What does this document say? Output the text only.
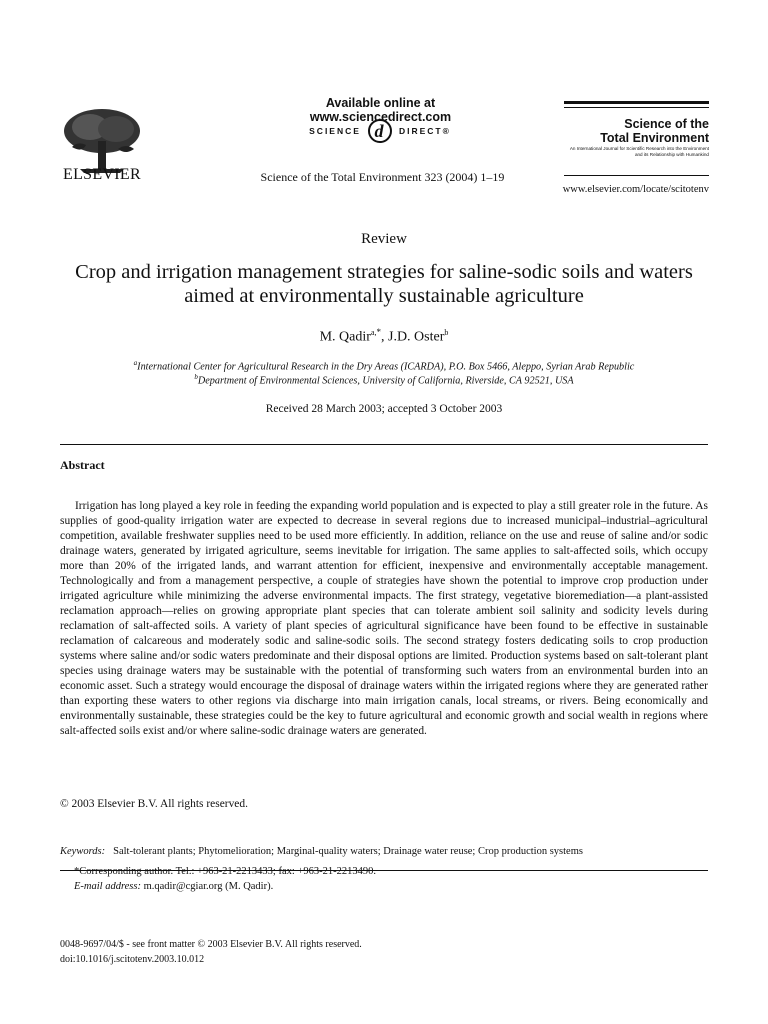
ELSEVIER
Available online at www.sciencedirect.com
SCIENCE d DIRECT®
Science of the Total Environment 323 (2004) 1–19
Science of the
Total Environment
An International Journal for Scientific Research into the Environment and its Relationship with Humankind
www.elsevier.com/locate/scitotenv
Review
Crop and irrigation management strategies for saline-sodic soils and waters aimed at environmentally sustainable agriculture
M. Qadir$^{a,*}$, J.D. Oster$^b$
$^a$International Center for Agricultural Research in the Dry Areas (ICARDA), P.O. Box 5466, Aleppo, Syrian Arab Republic
$^b$Department of Environmental Sciences, University of California, Riverside, CA 92521, USA
Received 28 March 2003; accepted 3 October 2003
Abstract

Irrigation has long played a key role in feeding the expanding world population and is expected to play a still greater role in the future. As supplies of good-quality irrigation water are expected to decrease in several regions due to increased municipal–industrial–agricultural competition, available freshwater supplies need to be used more efficiently. In addition, reliance on the use and reuse of saline and/or sodic drainage waters, generated by irrigated agriculture, seems inevitable for irrigation. The same applies to salt-affected soils, which occupy more than 20% of the irrigated lands, and warrant attention for efficient, inexpensive and environmentally acceptable management. Technologically and from a management perspective, a couple of strategies have shown the potential to improve crop production under irrigated agriculture while minimizing the adverse environmental impacts. The first strategy, vegetative bioremediation—a plant-assisted reclamation approach—relies on growing appropriate plant species that can tolerate ambient soil salinity and sodicity levels during reclamation of salt-affected soils. A variety of plant species of agricultural significance have been found to be effective in sustainable reclamation of calcareous and moderately sodic and saline-sodic soils. The second strategy fosters dedicating soils to crop production systems where saline and/or sodic waters predominate and their disposal options are limited. Production systems based on salt-tolerant plant species using drainage waters may be sustainable with the potential of transforming such waters from an environmental burden into an economic asset. Such a strategy would encourage the disposal of drainage waters within the irrigated regions where they are generated rather than exporting these waters to other regions via discharge into main irrigation canals, local streams, or rivers. Being economically and environmentally sustainable, these strategies could be the key to future agricultural and economic growth and social wealth in regions where salt-affected soils exist and/or where saline-sodic drainage waters are generated.

© 2003 Elsevier B.V. All rights reserved.
Keywords: Salt-tolerant plants; Phytomelioration; Marginal-quality waters; Drainage water reuse; Crop production systems
*Corresponding author. Tel.: +963-21-2213433; fax: +963-21-2213490.
E-mail address: m.qadir@cgiar.org (M. Qadir).
0048-9697/04/$ - see front matter © 2003 Elsevier B.V. All rights reserved.
doi:10.1016/j.scitotenv.2003.10.012
